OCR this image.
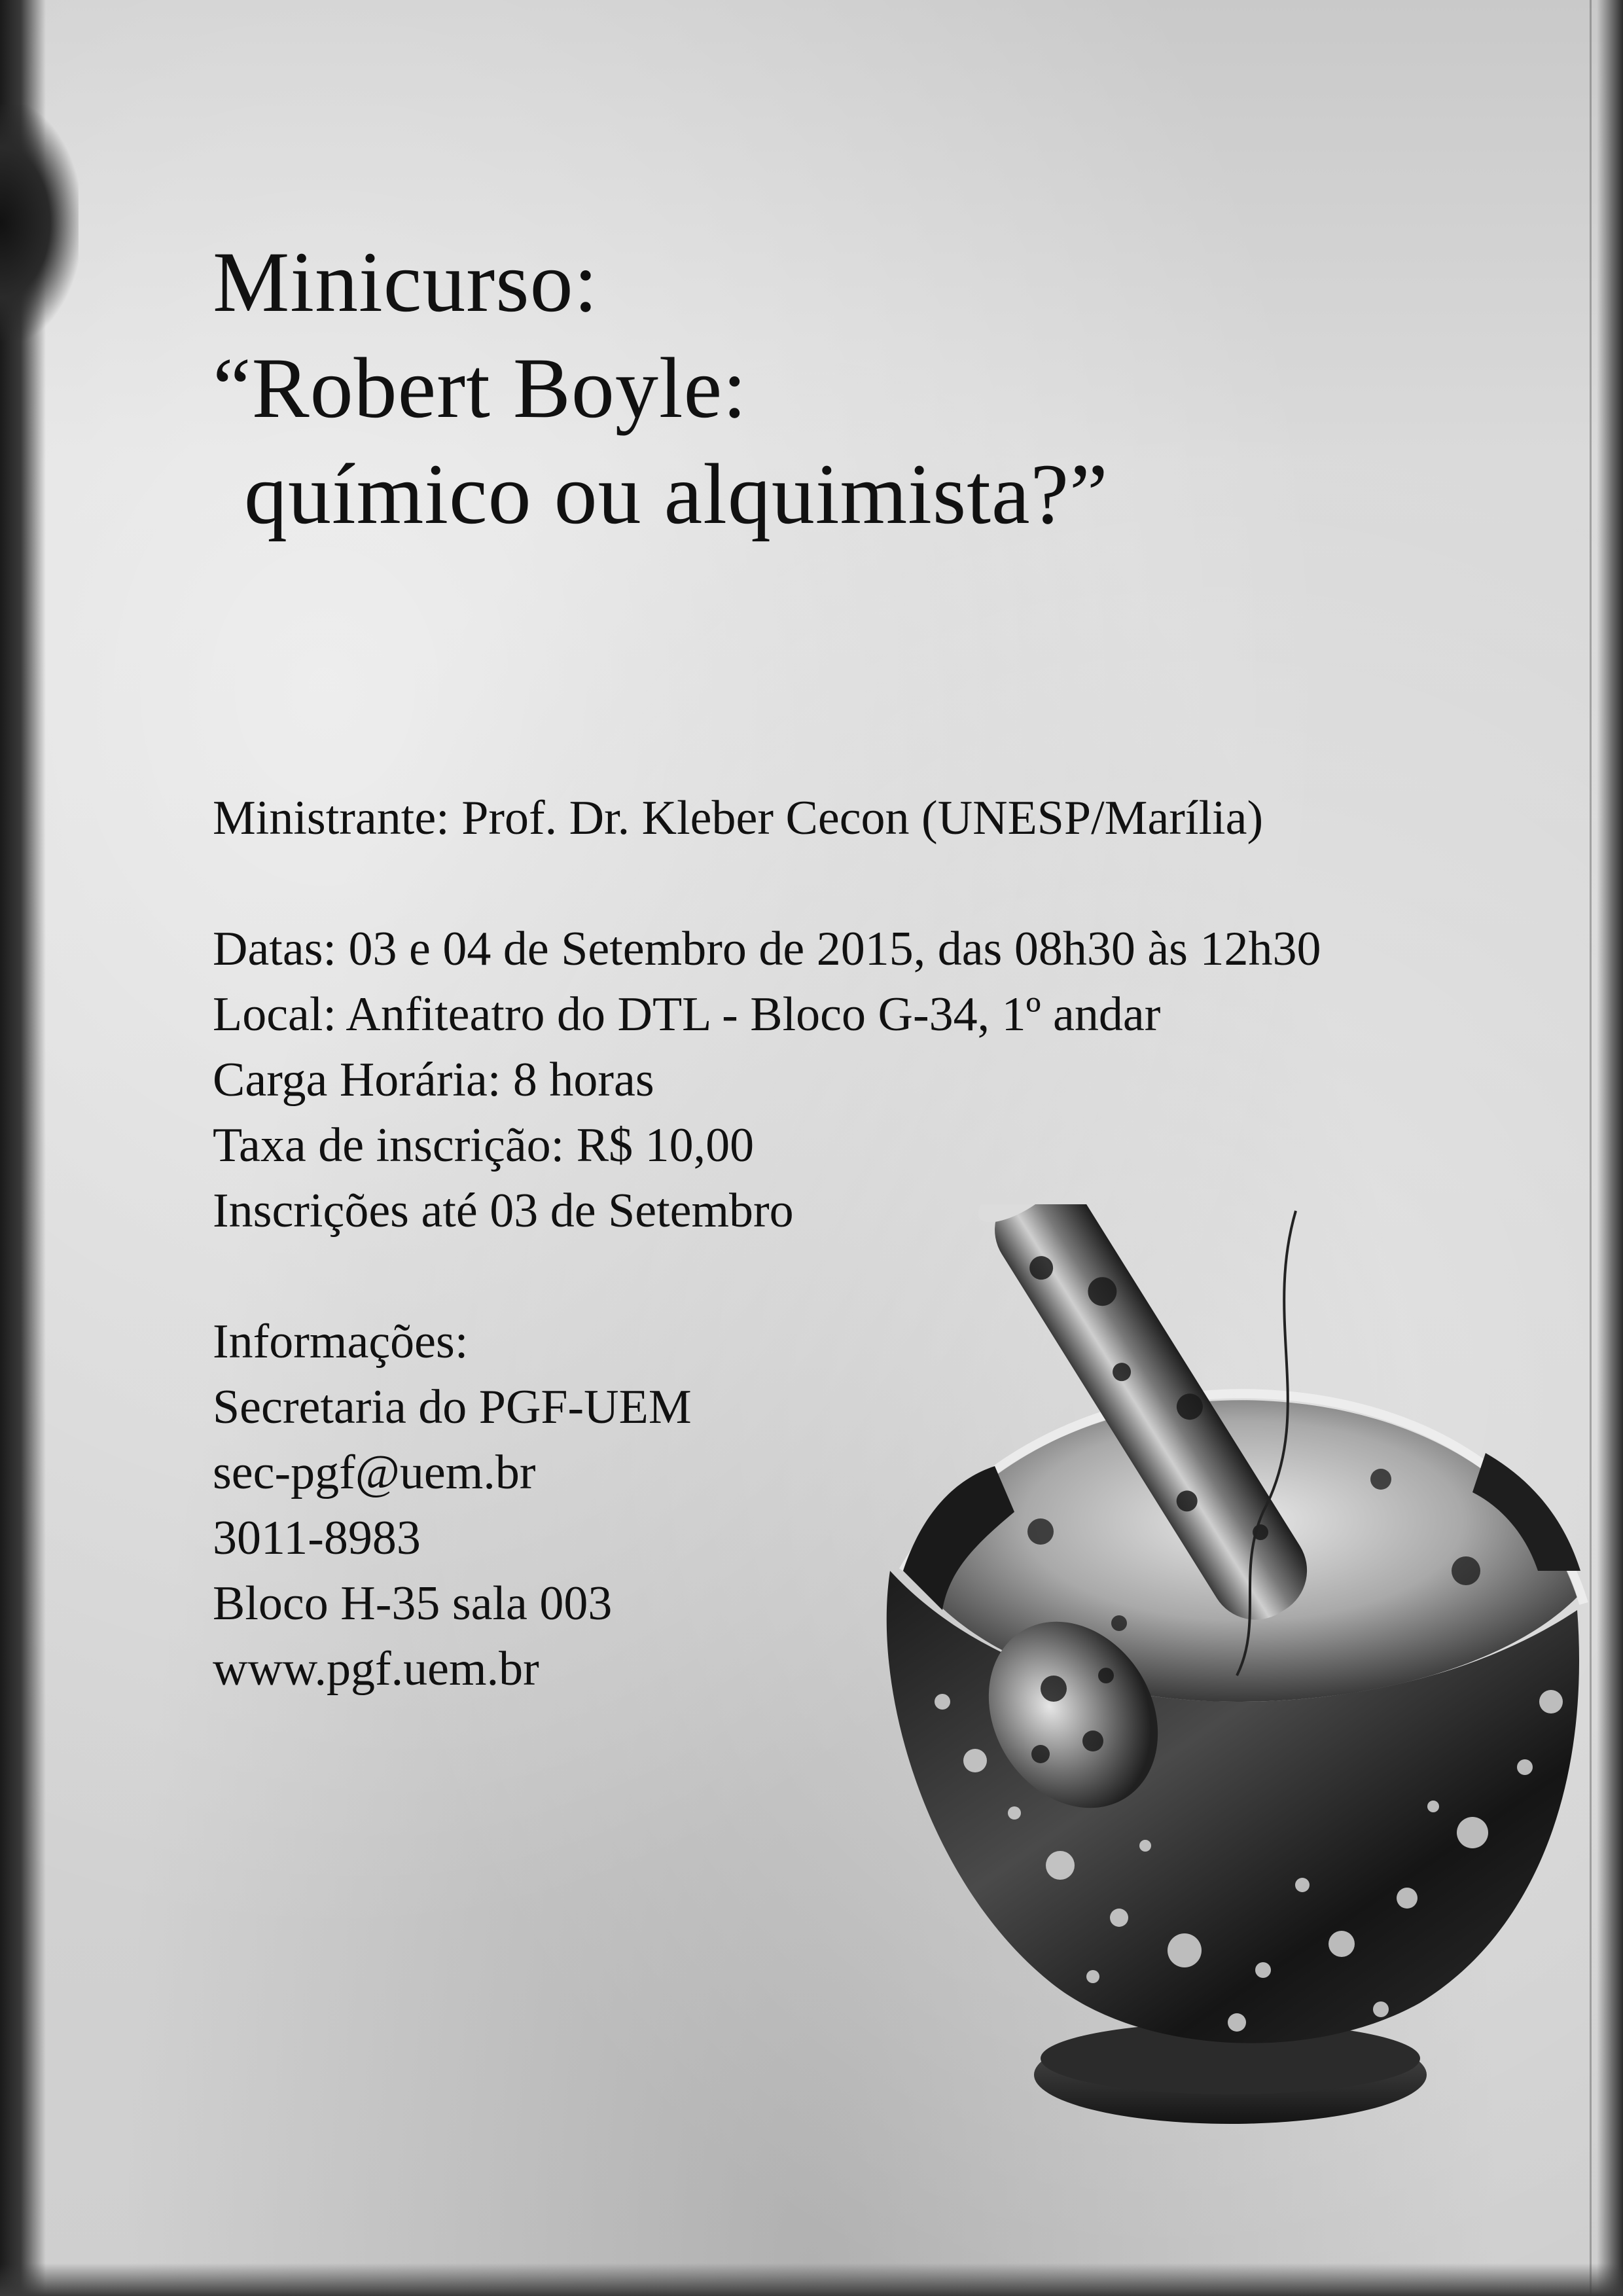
Minicurso:
“Robert Boyle:
químico ou alquimista?”
Ministrante: Prof. Dr. Kleber Cecon (UNESP/Marília)
Datas: 03 e 04 de Setembro de 2015, das 08h30 às 12h30
Local: Anfiteatro do DTL - Bloco G-34, 1º andar
Carga Horária: 8 horas
Taxa de inscrição: R$ 10,00
Inscrições até 03 de Setembro
Informações:
Secretaria do PGF-UEM
sec-pgf@uem.br
3011-8983
Bloco H-35 sala 003
www.pgf.uem.br
